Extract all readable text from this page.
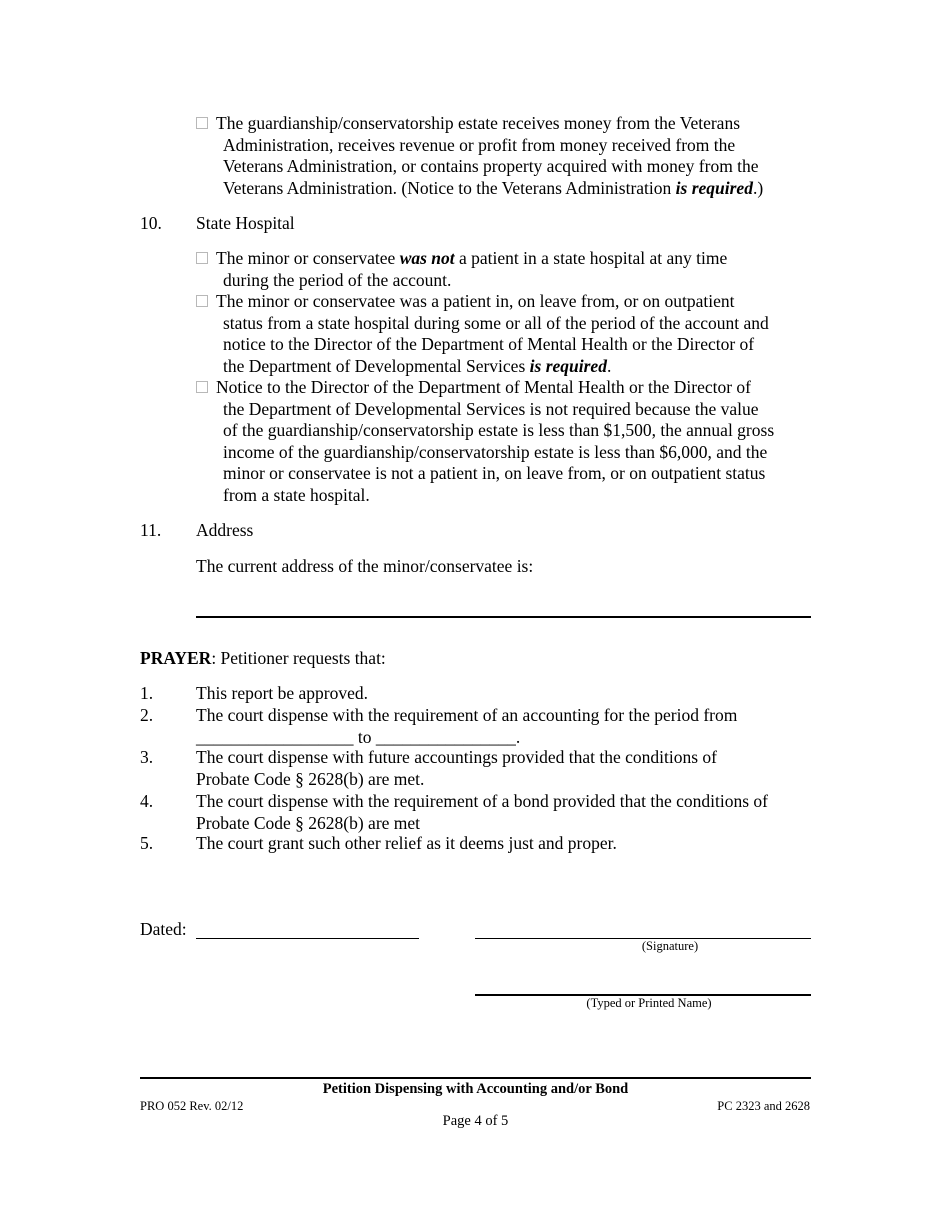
The guardianship/conservatorship estate receives money from the Veterans
Administration, receives revenue or profit from money received from the
Veterans Administration, or contains property acquired with money from the
Veterans Administration. (Notice to the Veterans Administration is required.)
10. State Hospital
The minor or conservatee was not a patient in a state hospital at any time
during the period of the account.
The minor or conservatee was a patient in, on leave from, or on outpatient
status from a state hospital during some or all of the period of the account and
notice to the Director of the Department of Mental Health or the Director of
the Department of Developmental Services is required.
Notice to the Director of the Department of Mental Health or the Director of
the Department of Developmental Services is not required because the value
of the guardianship/conservatorship estate is less than $1,500, the annual gross
income of the guardianship/conservatorship estate is less than $6,000, and the
minor or conservatee is not a patient in, on leave from, or on outpatient status
from a state hospital.
11. Address
The current address of the minor/conservatee is:
PRAYER: Petitioner requests that:
1. This report be approved.
2. The court dispense with the requirement of an accounting for the period from
__________________ to ________________.
3. The court dispense with future accountings provided that the conditions of
Probate Code § 2628(b) are met.
4. The court dispense with the requirement of a bond provided that the conditions of
Probate Code § 2628(b) are met
5. The court grant such other relief as it deems just and proper.
Dated:
(Signature)
(Typed or Printed Name)
Petition Dispensing with Accounting and/or Bond
PRO 052 Rev. 02/12	PC 2323 and 2628
Page 4 of 5
